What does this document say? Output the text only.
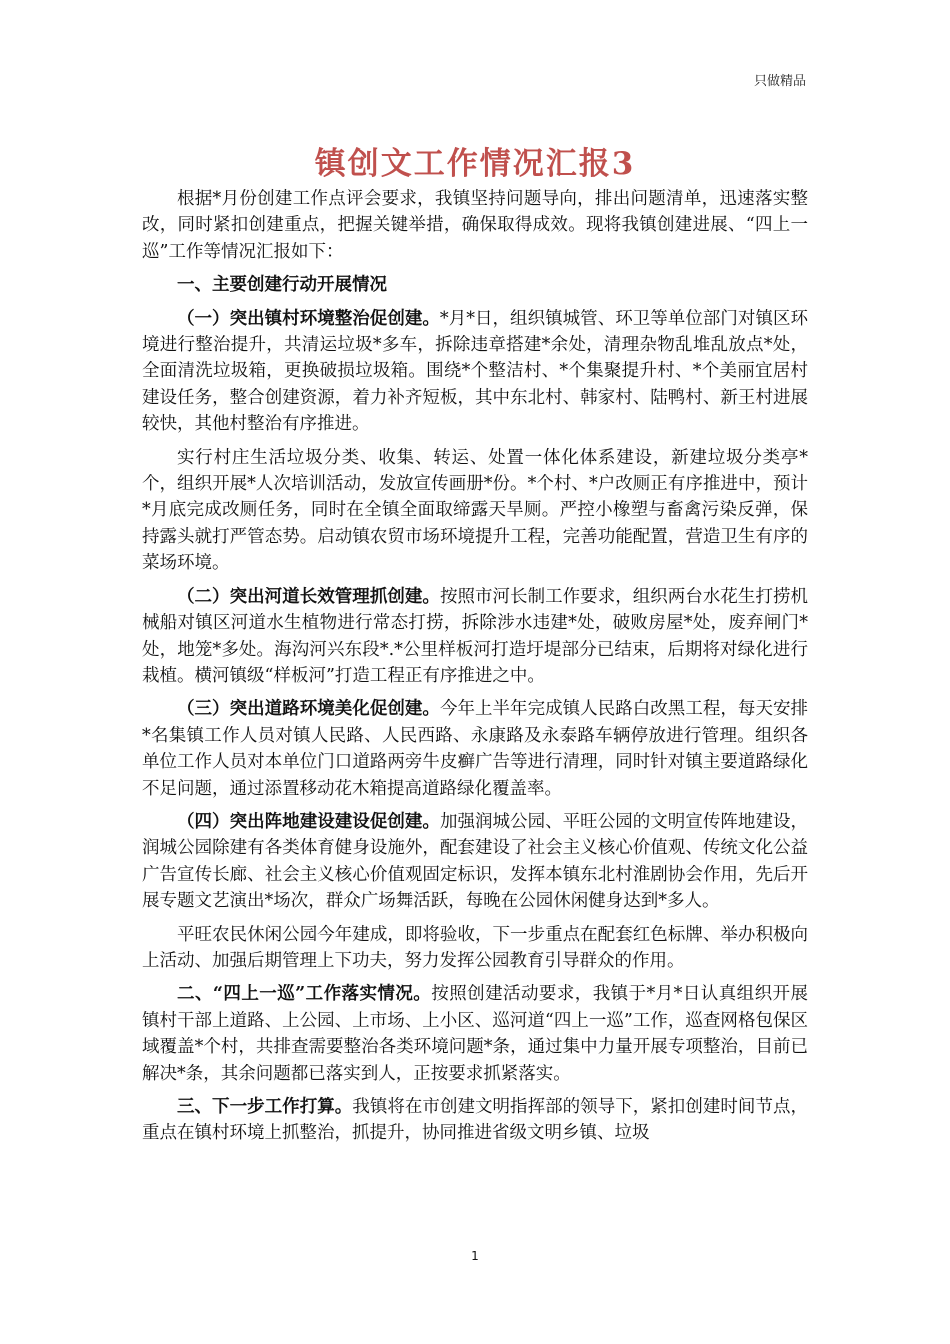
只做精品
镇创文工作情况汇报3

根据*月份创建工作点评会要求，我镇坚持问题导向，排出问题清单，迅速落实整改，同时紧扣创建重点，把握关键举措，确保取得成效。现将我镇创建进展、“四上一巡”工作等情况汇报如下：

一、主要创建行动开展情况

（一）突出镇村环境整治促创建。*月*日，组织镇城管、环卫等单位部门对镇区环境进行整治提升，共清运垃圾*多车，拆除违章搭建*余处，清理杂物乱堆乱放点*处，全面清洗垃圾箱，更换破损垃圾箱。围绕*个整洁村、*个集聚提升村、*个美丽宜居村建设任务，整合创建资源，着力补齐短板，其中东北村、韩家村、陆鸭村、新王村进展较快，其他村整治有序推进。

实行村庄生活垃圾分类、收集、转运、处置一体化体系建设，新建垃圾分类亭*个，组织开展*人次培训活动，发放宣传画册*份。*个村、*户改厕正有序推进中，预计*月底完成改厕任务，同时在全镇全面取缔露天旱厕。严控小橡塑与畜禽污染反弹，保持露头就打严管态势。启动镇农贸市场环境提升工程，完善功能配置，营造卫生有序的菜场环境。

（二）突出河道长效管理抓创建。按照市河长制工作要求，组织两台水花生打捞机械船对镇区河道水生植物进行常态打捞，拆除涉水违建*处，破败房屋*处，废弃闸门*处，地笼*多处。海沟河兴东段*.*公里样板河打造圩堤部分已结束，后期将对绿化进行栽植。横河镇级“样板河”打造工程正有序推进之中。

（三）突出道路环境美化促创建。今年上半年完成镇人民路白改黑工程，每天安排*名集镇工作人员对镇人民路、人民西路、永康路及永泰路车辆停放进行管理。组织各单位工作人员对本单位门口道路两旁牛皮癣广告等进行清理，同时针对镇主要道路绿化不足问题，通过添置移动花木箱提高道路绿化覆盖率。

（四）突出阵地建设建设促创建。加强润城公园、平旺公园的文明宣传阵地建设，润城公园除建有各类体育健身设施外，配套建设了社会主义核心价值观、传统文化公益广告宣传长廊、社会主义核心价值观固定标识，发挥本镇东北村淮剧协会作用，先后开展专题文艺演出*场次，群众广场舞活跃，每晚在公园休闲健身达到*多人。

平旺农民休闲公园今年建成，即将验收，下一步重点在配套红色标牌、举办积极向上活动、加强后期管理上下功夫，努力发挥公园教育引导群众的作用。

二、“四上一巡”工作落实情况。按照创建活动要求，我镇于*月*日认真组织开展镇村干部上道路、上公园、上市场、上小区、巡河道“四上一巡”工作，巡查网格包保区域覆盖*个村，共排查需要整治各类环境问题*条，通过集中力量开展专项整治，目前已解决*条，其余问题都已落实到人，正按要求抓紧落实。

三、下一步工作打算。我镇将在市创建文明指挥部的领导下，紧扣创建时间节点，重点在镇村环境上抓整治，抓提升，协同推进省级文明乡镇、垃圾

1
